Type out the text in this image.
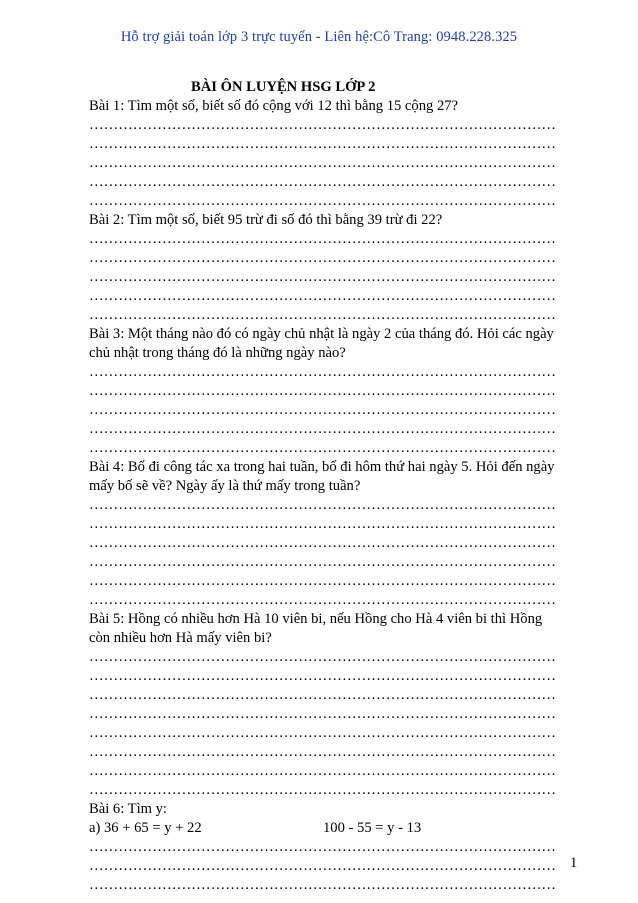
Hỗ trợ giải toán lớp 3 trực tuyến - Liên hệ:Cô Trang: 0948.228.325
BÀI ÔN LUYỆN HSG LỚP 2
Bài 1: Tìm một số, biết số đó cộng với 12 thì bằng 15 cộng 27?
……………………………………………………………………………………
……………………………………………………………………………………
……………………………………………………………………………………
……………………………………………………………………………………
……………………………………………………………………………………
Bài 2: Tìm một số, biết 95 trừ đi số đó thì bằng 39 trừ đi 22?
……………………………………………………………………………………
……………………………………………………………………………………
……………………………………………………………………………………
……………………………………………………………………………………
……………………………………………………………………………………
Bài 3: Một tháng nào đó có ngày chủ nhật là ngày 2 của tháng đó. Hỏi các ngày
chủ nhật trong tháng đó là những ngày nào?
……………………………………………………………………………………
……………………………………………………………………………………
……………………………………………………………………………………
……………………………………………………………………………………
……………………………………………………………………………………
Bài 4: Bố đi công tác xa trong hai tuần, bố đi hôm thứ hai ngày 5. Hỏi đến ngày
mấy bố sẽ về? Ngày ấy là thứ mấy trong tuần?
……………………………………………………………………………………
……………………………………………………………………………………
……………………………………………………………………………………
……………………………………………………………………………………
……………………………………………………………………………………
……………………………………………………………………………………
Bài 5: Hồng có nhiều hơn Hà 10 viên bi, nếu Hồng cho Hà 4 viên bi thì Hồng
còn nhiều hơn Hà mấy viên bi?
……………………………………………………………………………………
……………………………………………………………………………………
……………………………………………………………………………………
……………………………………………………………………………………
……………………………………………………………………………………
……………………………………………………………………………………
……………………………………………………………………………………
……………………………………………………………………………………
Bài 6: Tìm y:
a) 36 + 65 = y + 22	100 - 55 = y - 13
……………………………………………………………………………………
……………………………………………………………………………………
……………………………………………………………………………………
1
